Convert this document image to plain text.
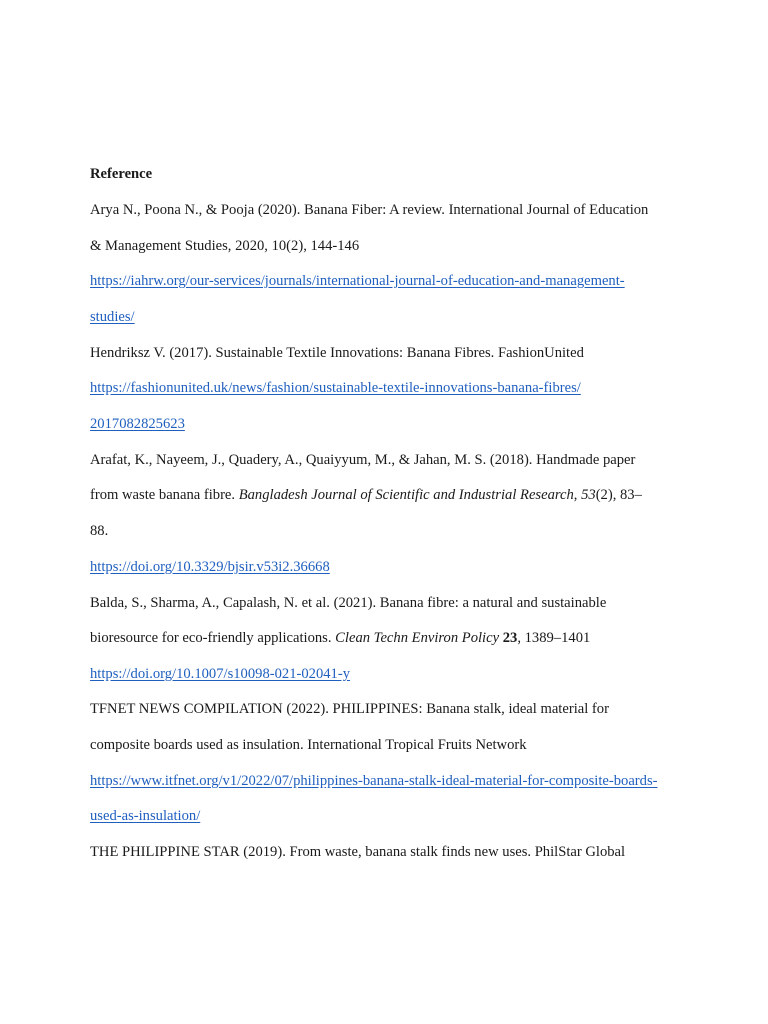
Reference
Arya N., Poona N., & Pooja (2020). Banana Fiber: A review. International Journal of Education
& Management Studies, 2020, 10(2), 144-146
https://iahrw.org/our-services/journals/international-journal-of-education-and-management-
studies/
Hendriksz V. (2017). Sustainable Textile Innovations: Banana Fibres. FashionUnited
https://fashionunited.uk/news/fashion/sustainable-textile-innovations-banana-fibres/
2017082825623
Arafat, K., Nayeem, J., Quadery, A., Quaiyyum, M., & Jahan, M. S. (2018). Handmade paper
from waste banana fibre. Bangladesh Journal of Scientific and Industrial Research, 53(2), 83–
88.
https://doi.org/10.3329/bjsir.v53i2.36668
Balda, S., Sharma, A., Capalash, N. et al. (2021). Banana fibre: a natural and sustainable
bioresource for eco-friendly applications. Clean Techn Environ Policy 23, 1389–1401
https://doi.org/10.1007/s10098-021-02041-y
TFNET NEWS COMPILATION (2022). PHILIPPINES: Banana stalk, ideal material for
composite boards used as insulation. International Tropical Fruits Network
https://www.itfnet.org/v1/2022/07/philippines-banana-stalk-ideal-material-for-composite-boards-
used-as-insulation/
THE PHILIPPINE STAR (2019). From waste, banana stalk finds new uses. PhilStar Global
